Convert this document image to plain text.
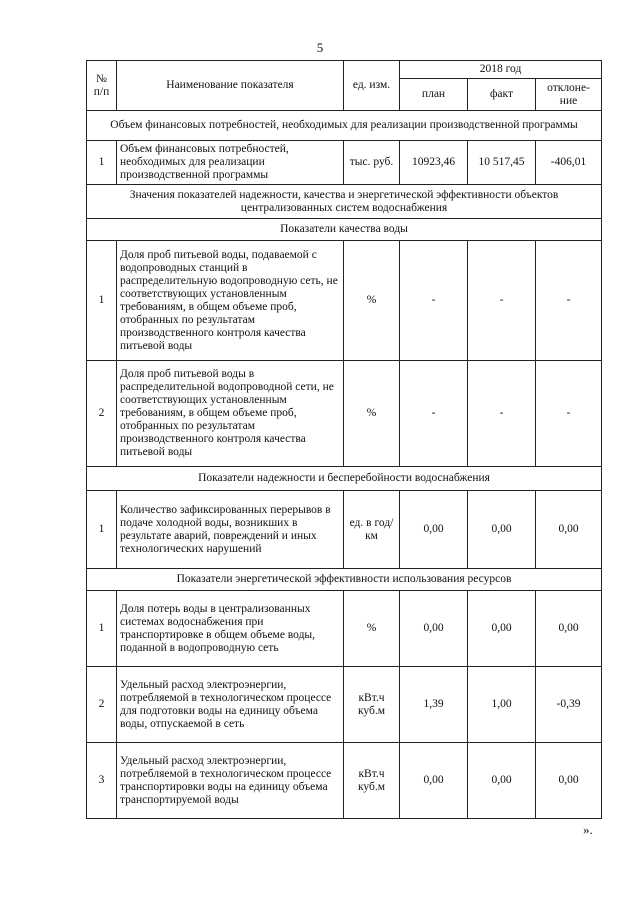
5
№ п/п	Наименование показателя	ед. изм.	2018 год		
			план	факт	отклоне-ние
Объем финансовых потребностей, необходимых для реализации производственной программы					
1	Объем финансовых потребностей, необходимых для реализации производственной программы	тыс. руб.	10923,46	10 517,45	-406,01
Значения показателей надежности, качества и энергетической эффективности объектов централизованных систем водоснабжения					
Показатели качества воды					
1	Доля проб питьевой воды, подаваемой с водопроводных станций в распределительную водопроводную сеть, не соответствующих установленным требованиям, в общем объеме проб, отобранных по результатам производственного контроля качества питьевой воды	%	-	-	-
2	Доля проб питьевой воды в распределительной водопроводной сети, не соответствующих установленным требованиям, в общем объеме проб, отобранных по результатам производственного контроля качества питьевой воды	%	-	-	-
Показатели надежности и бесперебойности водоснабжения					
1	Количество зафиксированных перерывов в подаче холодной воды, возникших в результате аварий, повреждений и иных технологических нарушений	ед. в год/ км	0,00	0,00	0,00
Показатели энергетической эффективности использования ресурсов					
1	Доля потерь воды в централизованных системах водоснабжения при транспортировке в общем объеме воды, поданной в водопроводную сеть	%	0,00	0,00	0,00
2	Удельный расход электроэнергии, потребляемой в технологическом процессе для подготовки воды на единицу объема воды, отпускаемой в сеть	кВт.ч куб.м	1,39	1,00	-0,39
3	Удельный расход электроэнергии, потребляемой в технологическом процессе транспортировки воды на единицу объема транспортируемой воды	кВт.ч куб.м	0,00	0,00	0,00
».
